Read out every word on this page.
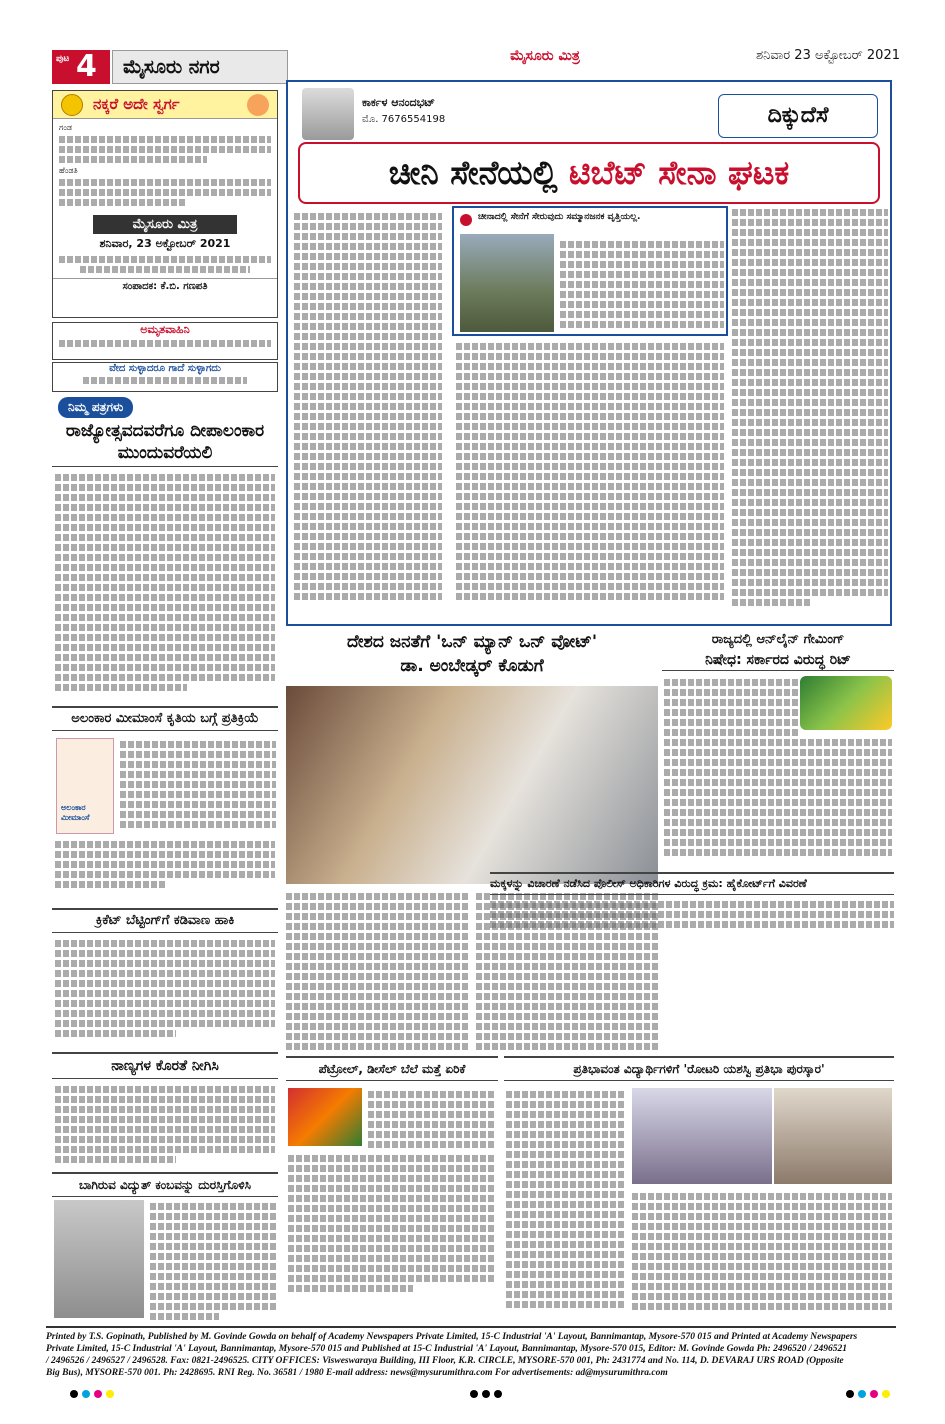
ಪುಟ 4	ಮೈಸೂರು ನಗರ	ಮೈಸೂರು ಮಿತ್ರ	ಶನಿವಾರ 23 ಅಕ್ಟೋಬರ್ 2021
ನಕ್ಕರೆ ಅದೇ ಸ್ವರ್ಗ
ಗಂಡ
ಹೆಂಡತಿ
ಮೈಸೂರು ಮಿತ್ರ
ಶನಿವಾರ, 23 ಅಕ್ಟೋಬರ್ 2021
ಸಂಪಾದಕ: ಕೆ.ಬಿ. ಗಣಪತಿ
ಅಮೃತವಾಹಿನಿ
ವೇದ ಸುಳ್ಳಾದರೂ ಗಾದೆ ಸುಳ್ಳಾಗದು
ನಿಮ್ಮ ಪತ್ರಗಳು
ರಾಜ್ಯೋತ್ಸವದವರೆಗೂ ದೀಪಾಲಂಕಾರ ಮುಂದುವರೆಯಲಿ
ಅಲಂಕಾರ ಮೀಮಾಂಸೆ ಕೃತಿಯ ಬಗ್ಗೆ ಪ್ರತಿಕ್ರಿಯೆ
ಅಲಂಕಾರ ಮೀಮಾಂಸೆ
ಕ್ರಿಕೆಟ್ ಬೆಟ್ಟಿಂಗ್‌ಗೆ ಕಡಿವಾಣ ಹಾಕಿ
ನಾಣ್ಯಗಳ ಕೊರತೆ ನೀಗಿಸಿ
ಬಾಗಿರುವ ವಿದ್ಯುತ್ ಕಂಬವನ್ನು ದುರಸ್ತಿಗೊಳಿಸಿ
ಕಾರ್ಕಳ ಆನಂದಭಟ್
ಮೊ. 7676554198	ದಿಕ್ಕುದೆಸೆ
ಚೀನಿ ಸೇನೆಯಲ್ಲಿ ಟಿಬೆಟ್ ಸೇನಾ ಘಟಕ
ಚೀನಾದಲ್ಲಿ ಸೇನೆಗೆ ಸೇರುವುದು ಸಮ್ಮಾನಜನಕ ವೃತ್ತಿಯಲ್ಲ.
ದೇಶದ ಜನತೆಗೆ 'ಒನ್ ಮ್ಯಾನ್ ಒನ್ ವೋಟ್'
ಡಾ. ಅಂಬೇಡ್ಕರ್ ಕೊಡುಗೆ
ರಾಜ್ಯದಲ್ಲಿ ಆನ್‌ಲೈನ್ ಗೇಮಿಂಗ್
ನಿಷೇಧ: ಸರ್ಕಾರದ ವಿರುದ್ಧ ರಿಟ್
ಮಕ್ಕಳನ್ನು ವಿಚಾರಣೆ ನಡೆಸಿದ ಪೊಲೀಸ್ ಅಧಿಕಾರಿಗಳ ವಿರುದ್ಧ ಕ್ರಮ: ಹೈಕೋರ್ಟ್‌ಗೆ ವಿವರಣೆ
ಪೆಟ್ರೋಲ್, ಡೀಸೆಲ್ ಬೆಲೆ ಮತ್ತೆ ಏರಿಕೆ	ಪ್ರತಿಭಾವಂತ ವಿದ್ಯಾರ್ಥಿಗಳಿಗೆ 'ರೋಟರಿ ಯಶಸ್ವಿ ಪ್ರತಿಭಾ ಪುರಸ್ಕಾರ'
Printed by T.S. Gopinath, Published by M. Govinde Gowda on behalf of Academy Newspapers Private Limited, 15-C Industrial 'A' Layout, Bannimantap, Mysore-570 015 and Printed at Academy Newspapers
Private Limited, 15-C Industrial 'A' Layout, Bannimantap, Mysore-570 015 and Published at 15-C Industrial 'A' Layout, Bannimantap, Mysore-570 015, Editor: M. Govinde Gowda Ph: 2496520 / 2496521
/ 2496526 / 2496527 / 2496528. Fax: 0821-2496525. CITY OFFICES: Visweswaraya Building, III Floor, K.R. CIRCLE, MYSORE-570 001, Ph: 2431774 and No. 114, D. DEVARAJ URS ROAD (Opposite
Big Bus), MYSORE-570 001. Ph: 2428695. RNI Reg. No. 36581 / 1980 E-mail address: news@mysurumithra.com For advertisements: ad@mysurumithra.com
